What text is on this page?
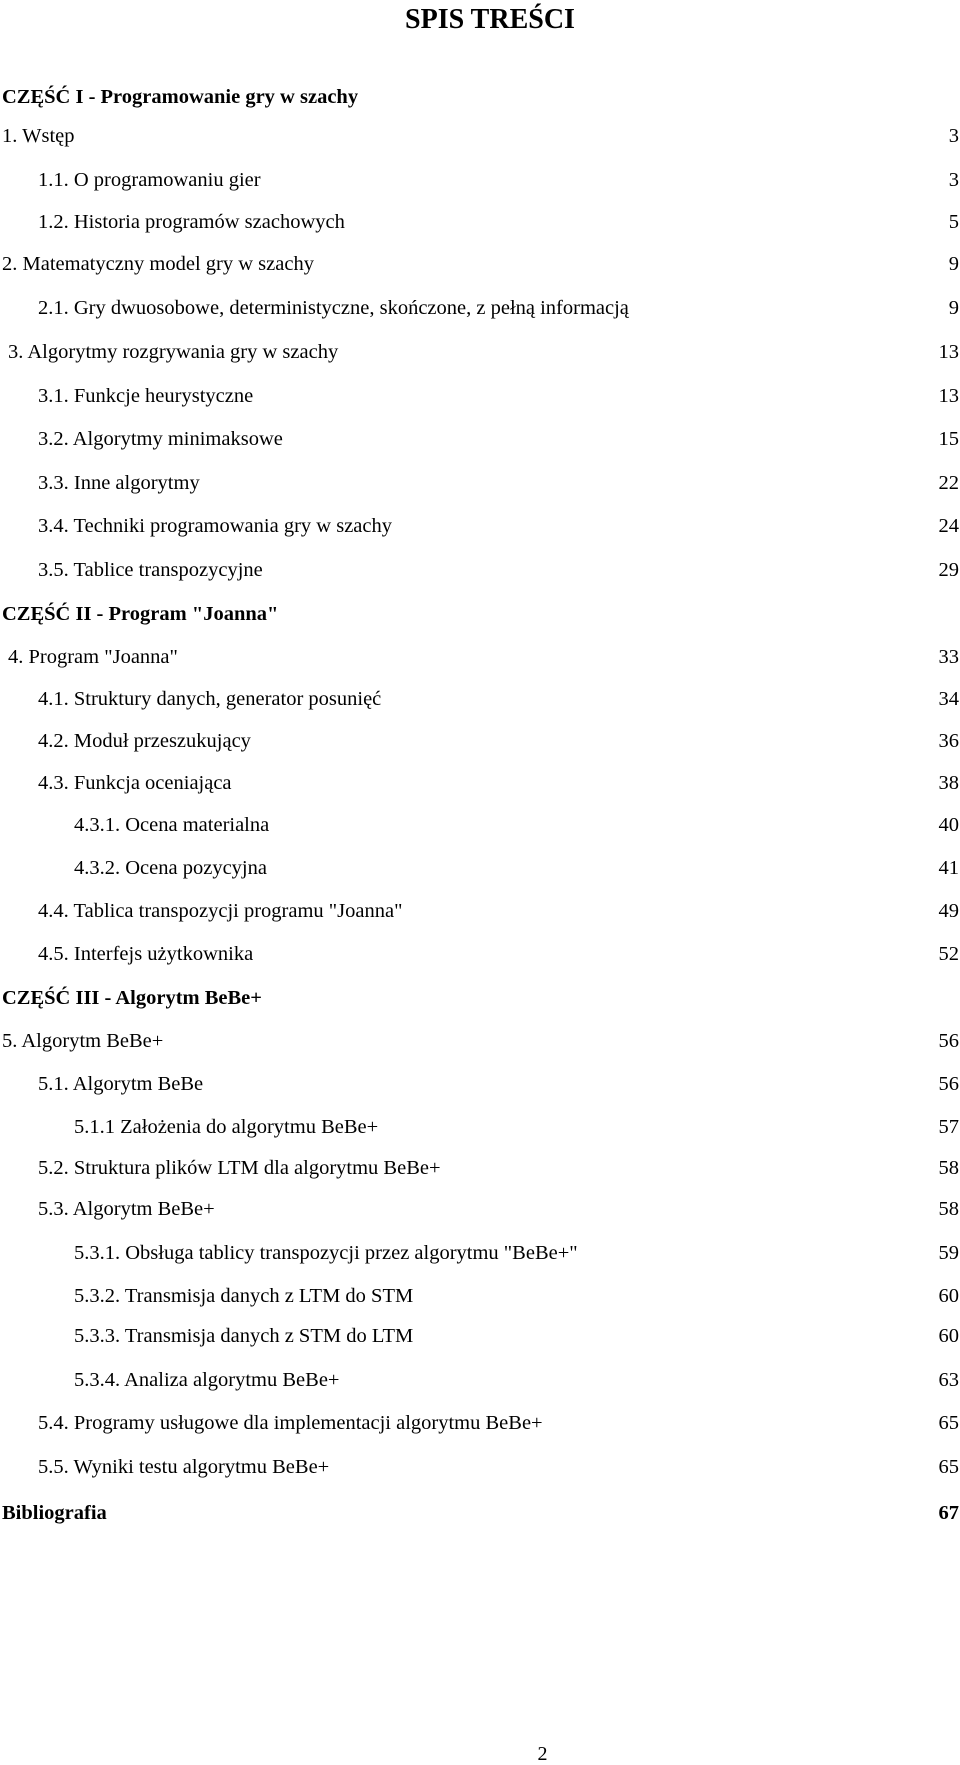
SPIS TREŚCI
CZĘŚĆ I - Programowanie gry w szachy
1. Wstęp	3
1.1. O programowaniu gier	3
1.2. Historia programów szachowych	5
2. Matematyczny model gry w szachy	9
2.1. Gry dwuosobowe, deterministyczne, skończone, z pełną informacją	9
3. Algorytmy rozgrywania gry w szachy	13
3.1. Funkcje heurystyczne	13
3.2. Algorytmy minimaksowe	15
3.3. Inne algorytmy	22
3.4. Techniki programowania gry w szachy	24
3.5. Tablice transpozycyjne	29
CZĘŚĆ II - Program "Joanna"
4. Program "Joanna"	33
4.1. Struktury danych, generator posunięć	34
4.2. Moduł przeszukujący	36
4.3. Funkcja oceniająca	38
4.3.1. Ocena materialna	40
4.3.2. Ocena pozycyjna	41
4.4. Tablica transpozycji programu "Joanna"	49
4.5. Interfejs użytkownika	52
CZĘŚĆ III - Algorytm BeBe+
5. Algorytm BeBe+	56
5.1. Algorytm BeBe	56
5.1.1 Założenia do algorytmu BeBe+	57
5.2. Struktura plików LTM dla algorytmu BeBe+	58
5.3. Algorytm BeBe+	58
5.3.1. Obsługa tablicy transpozycji przez algorytmu "BeBe+"	59
5.3.2. Transmisja danych z LTM do STM	60
5.3.3. Transmisja danych z STM do LTM	60
5.3.4. Analiza algorytmu BeBe+	63
5.4. Programy usługowe dla implementacji algorytmu BeBe+	65
5.5. Wyniki testu algorytmu BeBe+	65
Bibliografia	67
2
